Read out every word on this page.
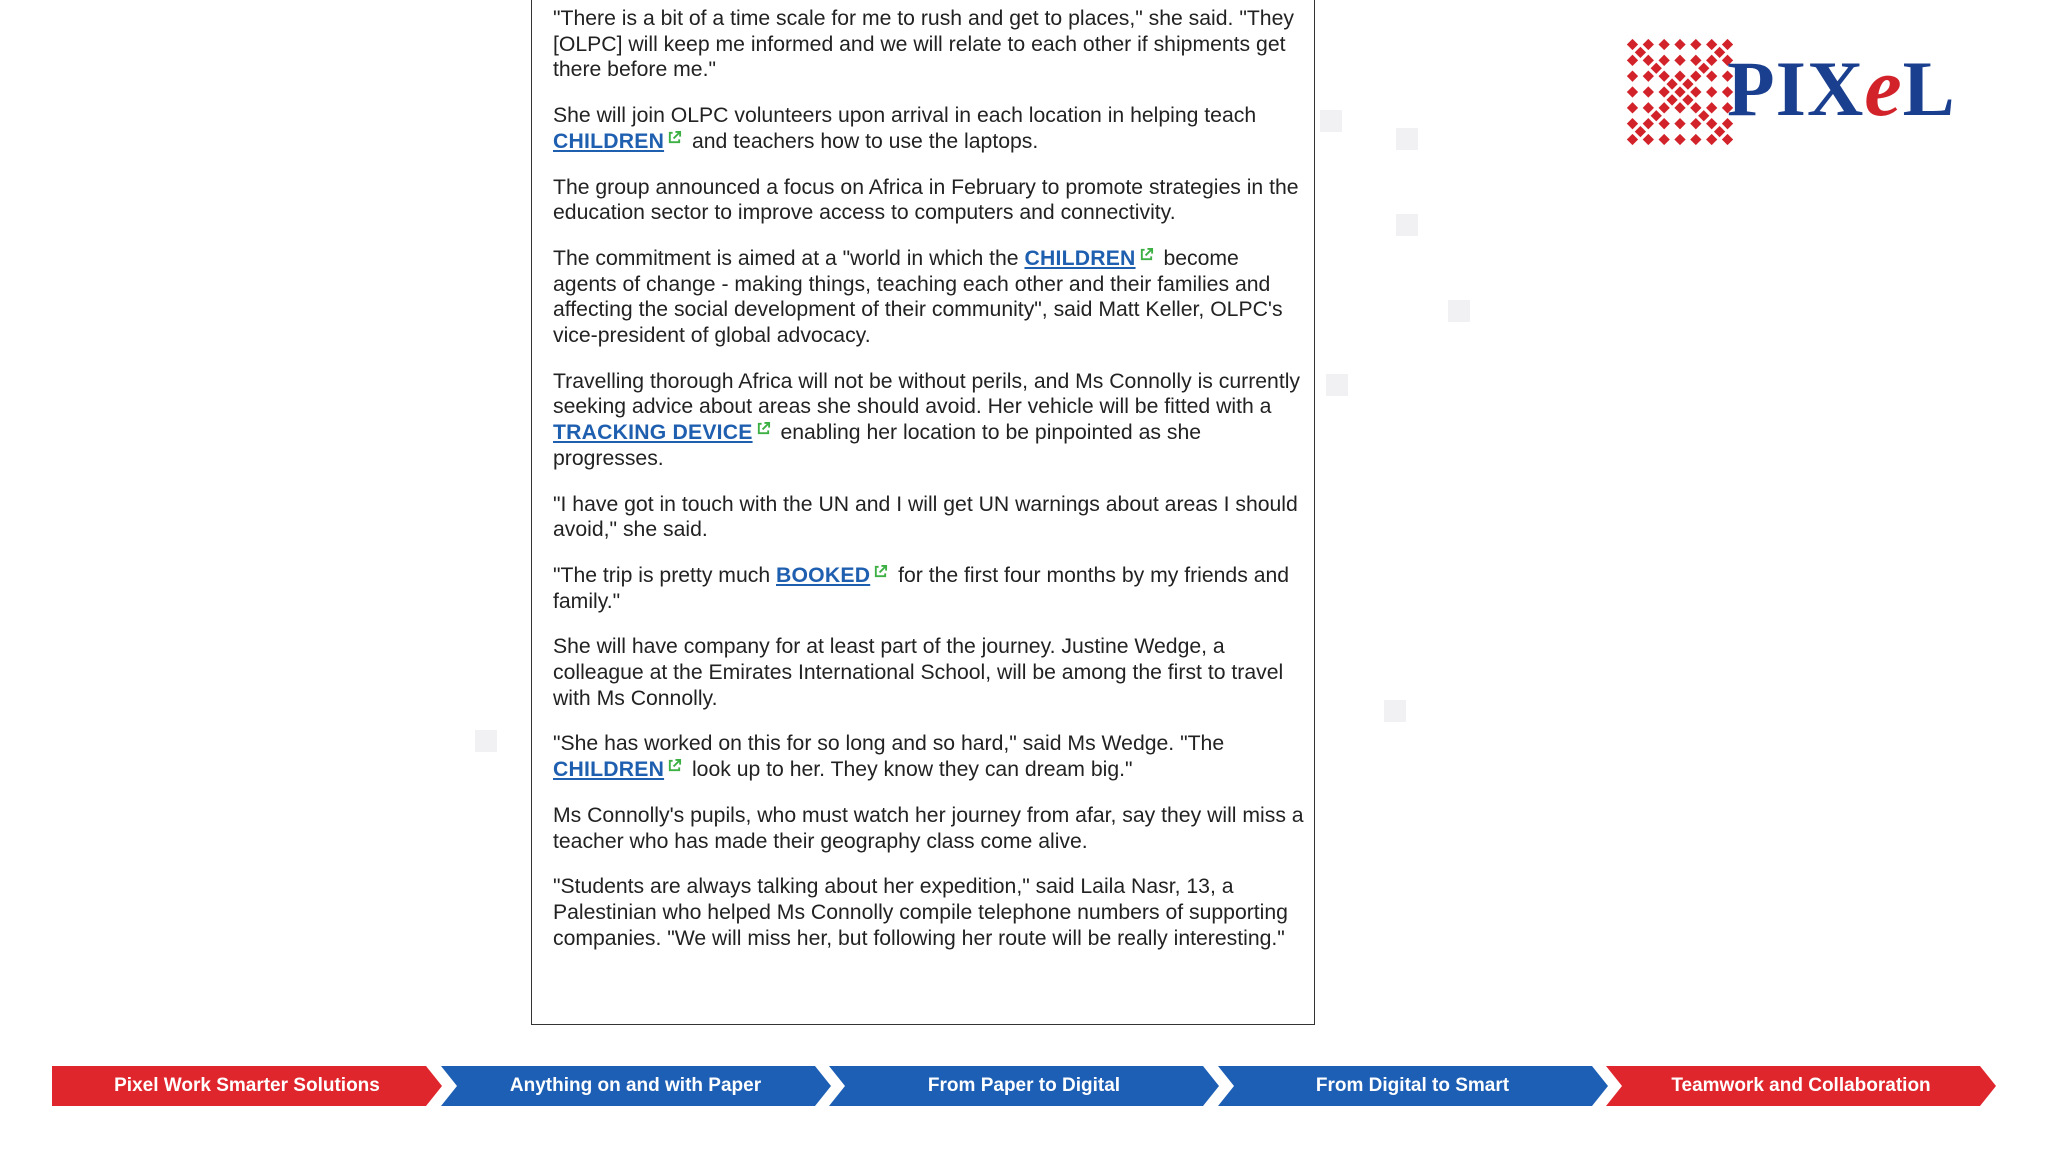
"There is a bit of a time scale for me to rush and get to places," she said. "They [OLPC] will keep me informed and we will relate to each other if shipments get there before me."

She will join OLPC volunteers upon arrival in each location in helping teach CHILDREN and teachers how to use the laptops.

The group announced a focus on Africa in February to promote strategies in the education sector to improve access to computers and connectivity.

The commitment is aimed at a "world in which the CHILDREN become agents of change - making things, teaching each other and their families and affecting the social development of their community", said Matt Keller, OLPC's vice-president of global advocacy.

Travelling thorough Africa will not be without perils, and Ms Connolly is currently seeking advice about areas she should avoid. Her vehicle will be fitted with a TRACKING DEVICE enabling her location to be pinpointed as she progresses.

"I have got in touch with the UN and I will get UN warnings about areas I should avoid," she said.

"The trip is pretty much BOOKED for the first four months by my friends and family."

She will have company for at least part of the journey. Justine Wedge, a colleague at the Emirates International School, will be among the first to travel with Ms Connolly.

"She has worked on this for so long and so hard," said Ms Wedge. "The CHILDREN look up to her. They know they can dream big."

Ms Connolly's pupils, who must watch her journey from afar, say they will miss a teacher who has made their geography class come alive.

"Students are always talking about her expedition," said Laila Nasr, 13, a Palestinian who helped Ms Connolly compile telephone numbers of supporting companies. "We will miss her, but following her route will be really interesting."

PIXeL
Pixel Work Smarter Solutions	Anything on and with Paper	From Paper to Digital	From Digital to Smart	Teamwork and Collaboration
